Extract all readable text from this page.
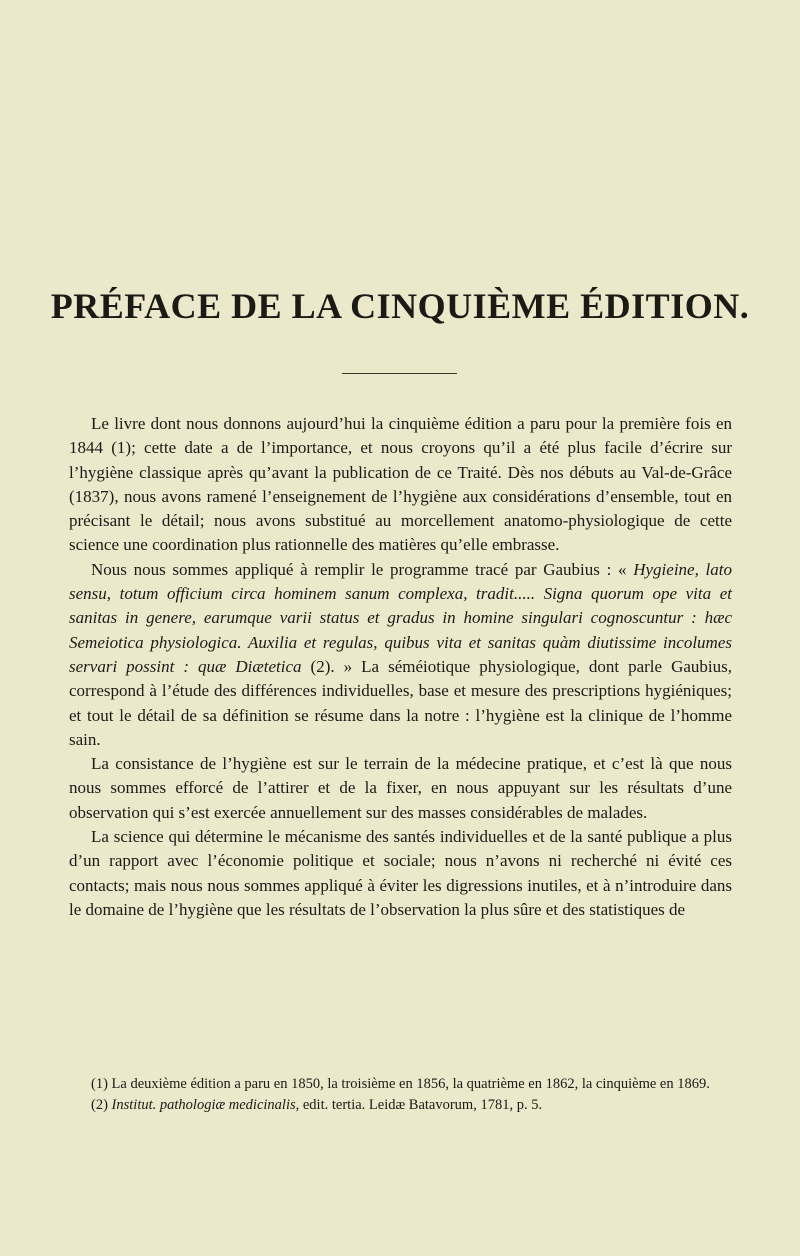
PRÉFACE DE LA CINQUIÈME ÉDITION.

Le livre dont nous donnons aujourd’hui la cinquième édition a paru pour la première fois en 1844 (1); cette date a de l’importance, et nous croyons qu’il a été plus facile d’écrire sur l’hygiène classique après qu’avant la publication de ce Traité. Dès nos débuts au Val-de-Grâce (1837), nous avons ramené l’enseignement de l’hygiène aux considérations d’ensemble, tout en précisant le détail; nous avons substitué au morcellement anatomo-physiologique de cette science une coordination plus rationnelle des matières qu’elle embrasse.

Nous nous sommes appliqué à remplir le programme tracé par Gaubius : « Hygieine, lato sensu, totum officium circa hominem sanum complexa, tradit..... Signa quorum ope vita et sanitas in genere, earumque varii status et gradus in homine singulari cognoscuntur : hæc Semeiotica physiologica. Auxilia et regulas, quibus vita et sanitas quàm diutissime incolumes servari possint : quæ Diætetica (2). » La séméiotique physiologique, dont parle Gaubius, correspond à l’étude des différences individuelles, base et mesure des prescriptions hygiéniques; et tout le détail de sa définition se résume dans la notre : l’hygiène est la clinique de l’homme sain.

La consistance de l’hygiène est sur le terrain de la médecine pratique, et c’est là que nous nous sommes efforcé de l’attirer et de la fixer, en nous appuyant sur les résultats d’une observation qui s’est exercée annuellement sur des masses considérables de malades.

La science qui détermine le mécanisme des santés individuelles et de la santé publique a plus d’un rapport avec l’économie politique et sociale; nous n’avons ni recherché ni évité ces contacts; mais nous nous sommes appliqué à éviter les digressions inutiles, et à n’introduire dans le domaine de l’hygiène que les résultats de l’observation la plus sûre et des statistiques de

(1) La deuxième édition a paru en 1850, la troisième en 1856, la quatrième en 1862, la cinquième en 1869.

(2) Institut. pathologiæ medicinalis, edit. tertia. Leidæ Batavorum, 1781, p. 5.
